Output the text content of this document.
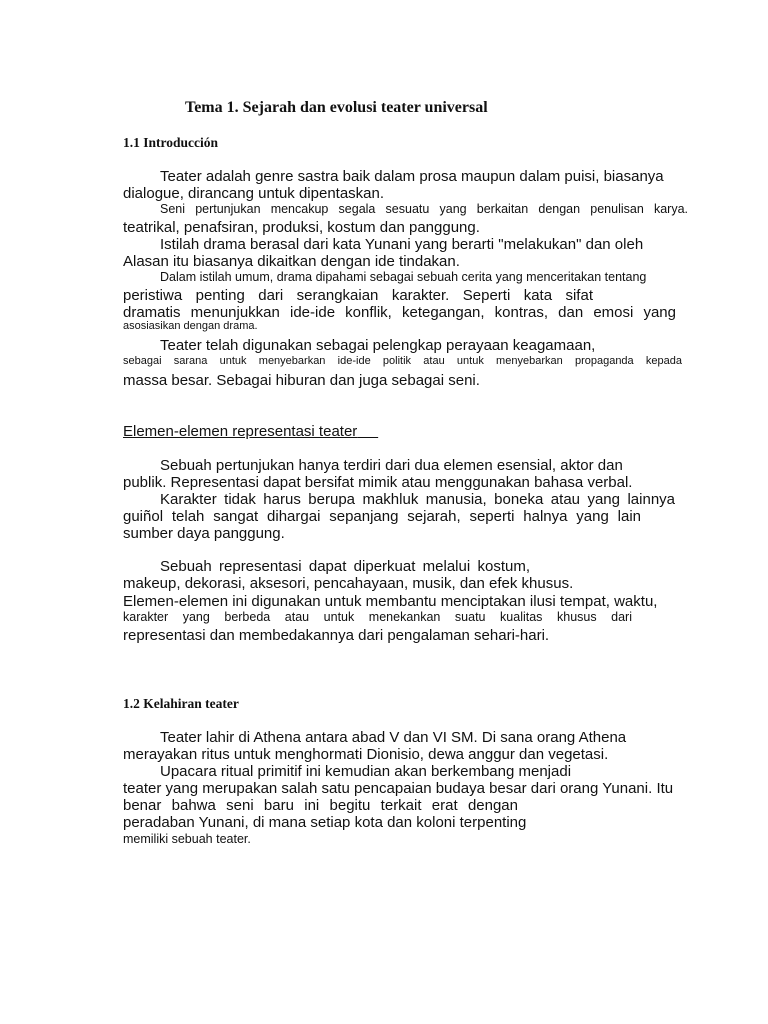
Tema 1. Sejarah dan evolusi teater universal
1.1 Introducción
Teater adalah genre sastra baik dalam prosa maupun dalam puisi, biasanya
dialogue, dirancang untuk dipentaskan.
Seni pertunjukan mencakup segala sesuatu yang berkaitan dengan penulisan karya.
teatrikal, penafsiran, produksi, kostum dan panggung.
Istilah drama berasal dari kata Yunani yang berarti "melakukan" dan oleh
Alasan itu biasanya dikaitkan dengan ide tindakan.
Dalam istilah umum, drama dipahami sebagai sebuah cerita yang menceritakan tentang
peristiwa penting dari serangkaian karakter. Seperti kata sifat
dramatis menunjukkan ide-ide konflik, ketegangan, kontras, dan emosi yang
asosiasikan dengan drama.
Teater telah digunakan sebagai pelengkap perayaan keagamaan,
sebagai sarana untuk menyebarkan ide-ide politik atau untuk menyebarkan propaganda kepada
massa besar. Sebagai hiburan dan juga sebagai seni.
Elemen-elemen representasi teater
Sebuah pertunjukan hanya terdiri dari dua elemen esensial, aktor dan
publik. Representasi dapat bersifat mimik atau menggunakan bahasa verbal.
Karakter tidak harus berupa makhluk manusia, boneka atau yang lainnya
guiñol telah sangat dihargai sepanjang sejarah, seperti halnya yang lain
sumber daya panggung.
Sebuah representasi dapat diperkuat melalui kostum,
makeup, dekorasi, aksesori, pencahayaan, musik, dan efek khusus.
Elemen-elemen ini digunakan untuk membantu menciptakan ilusi tempat, waktu,
karakter yang berbeda atau untuk menekankan suatu kualitas khusus dari
representasi dan membedakannya dari pengalaman sehari-hari.
1.2 Kelahiran teater
Teater lahir di Athena antara abad V dan VI SM. Di sana orang Athena
merayakan ritus untuk menghormati Dionisio, dewa anggur dan vegetasi.
Upacara ritual primitif ini kemudian akan berkembang menjadi
teater yang merupakan salah satu pencapaian budaya besar dari orang Yunani. Itu
benar bahwa seni baru ini begitu terkait erat dengan
peradaban Yunani, di mana setiap kota dan koloni terpenting
memiliki sebuah teater.
